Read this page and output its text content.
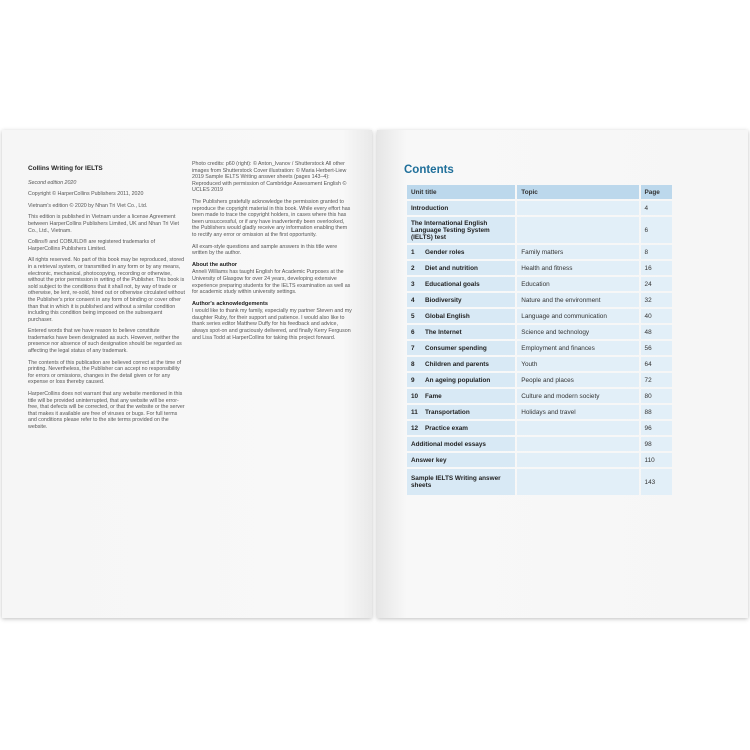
Collins Writing for IELTS

Second edition 2020

Copyright © HarperCollins Publishers 2011, 2020

Vietnam's edition © 2020 by Nhan Tri Viet Co., Ltd.

This edition is published in Vietnam under a license Agreement between HarperCollins Publishers Limited, UK and Nhan Tri Viet Co., Ltd., Vietnam.

Collins® and COBUILD® are registered trademarks of HarperCollins Publishers Limited.

All rights reserved. No part of this book may be reproduced, stored in a retrieval system, or transmitted in any form or by any means, electronic, mechanical, photocopying, recording or otherwise, without the prior permission in writing of the Publisher. This book is sold subject to the conditions that it shall not, by way of trade or otherwise, be lent, re-sold, hired out or otherwise circulated without the Publisher's prior consent in any form of binding or cover other than that in which it is published and without a similar condition including this condition being imposed on the subsequent purchaser.

Entered words that we have reason to believe constitute trademarks have been designated as such. However, neither the presence nor absence of such designation should be regarded as affecting the legal status of any trademark.

The contents of this publication are believed correct at the time of printing. Nevertheless, the Publisher can accept no responsibility for errors or omissions, changes in the detail given or for any expense or loss thereby caused.

HarperCollins does not warrant that any website mentioned in this title will be provided uninterrupted, that any website will be error-free, that defects will be corrected, or that the website or the server that makes it available are free of viruses or bugs. For full terms and conditions please refer to the site terms provided on the website.

Photo credits: p60 (right): © Anton_Ivanov / Shutterstock All other images from Shutterstock Cover illustration: © Maria Herbert-Liew 2019 Sample IELTS Writing answer sheets (pages 143–4): Reproduced with permission of Cambridge Assessment English © UCLES 2019

The Publishers gratefully acknowledge the permission granted to reproduce the copyright material in this book. While every effort has been made to trace the copyright holders, in cases where this has been unsuccessful, or if any have inadvertently been overlooked, the Publishers would gladly receive any information enabling them to rectify any error or omission at the first opportunity.

All exam-style questions and sample answers in this title were written by the author.

About the author

Anneli Williams has taught English for Academic Purposes at the University of Glasgow for over 24 years, developing extensive experience preparing students for the IELTS examination as well as for academic study within university settings.

Author's acknowledgements

I would like to thank my family, especially my partner Steven and my daughter Ruby, for their support and patience. I would also like to thank series editor Matthew Duffy for his feedback and advice, always spot-on and graciously delivered, and finally Kerry Ferguson and Lisa Todd at HarperCollins for taking this project forward.

Contents
Unit title	Topic	Page
Introduction		4
The International English Language Testing System (IELTS) test		6
1 Gender roles	Family matters	8
2 Diet and nutrition	Health and fitness	16
3 Educational goals	Education	24
4 Biodiversity	Nature and the environment	32
5 Global English	Language and communication	40
6 The Internet	Science and technology	48
7 Consumer spending	Employment and finances	56
8 Children and parents	Youth	64
9 An ageing population	People and places	72
10 Fame	Culture and modern society	80
11 Transportation	Holidays and travel	88
12 Practice exam		96
Additional model essays		98
Answer key		110
Sample IELTS Writing answer sheets		143
